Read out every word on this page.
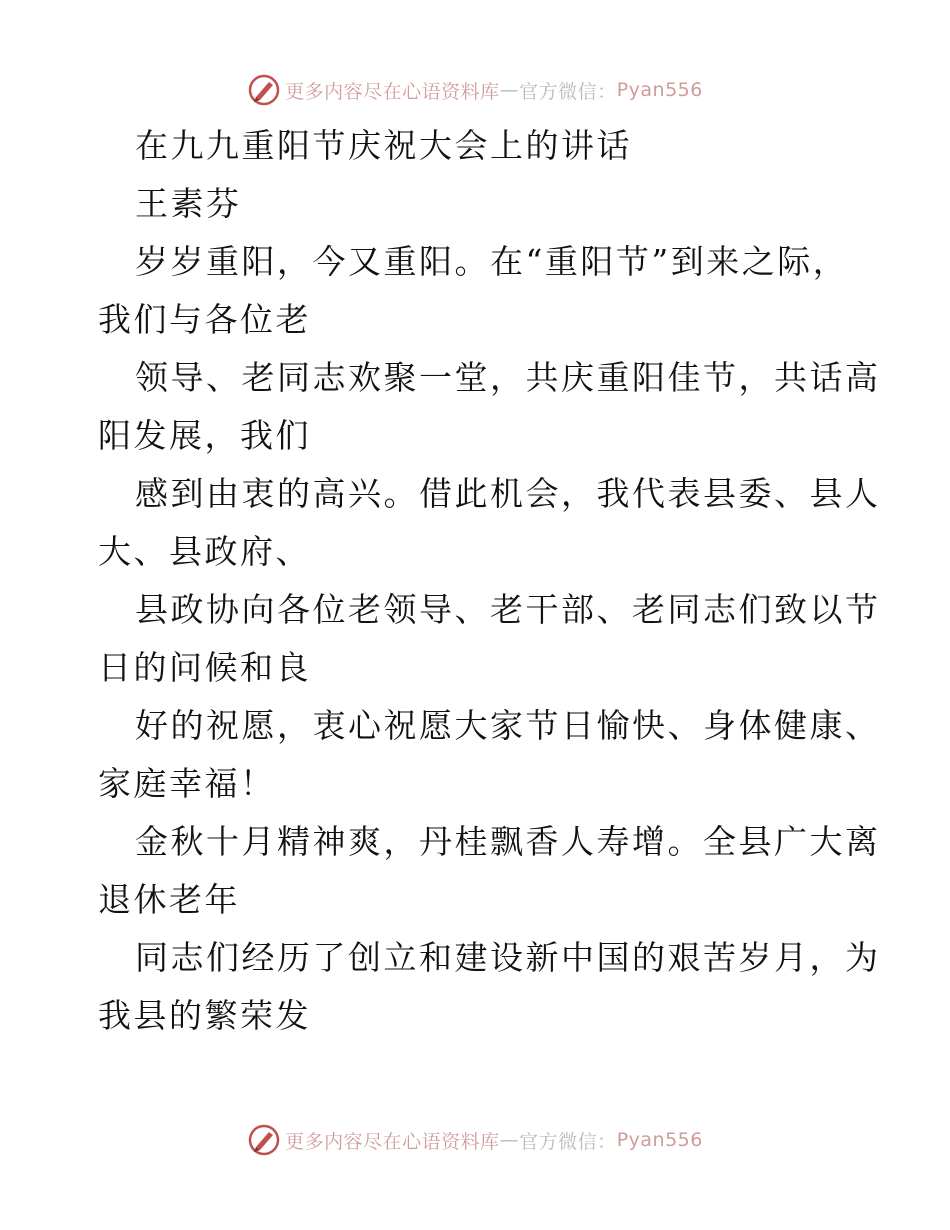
更多内容尽在心语资料库 — 官方微信： Pyan556

在九九重阳节庆祝大会上的讲话

王素芬

岁岁重阳，今又重阳。在“重阳节”到来之际，

我们与各位老

领导、老同志欢聚一堂，共庆重阳佳节，共话高

阳发展，我们

感到由衷的高兴。借此机会，我代表县委、县人

大、县政府、

县政协向各位老领导、老干部、老同志们致以节

日的问候和良

好的祝愿，衷心祝愿大家节日愉快、身体健康、

家庭幸福！

金秋十月精神爽，丹桂飘香人寿增。全县广大离

退休老年

同志们经历了创立和建设新中国的艰苦岁月，为

我县的繁荣发

更多内容尽在心语资料库 — 官方微信： Pyan556
